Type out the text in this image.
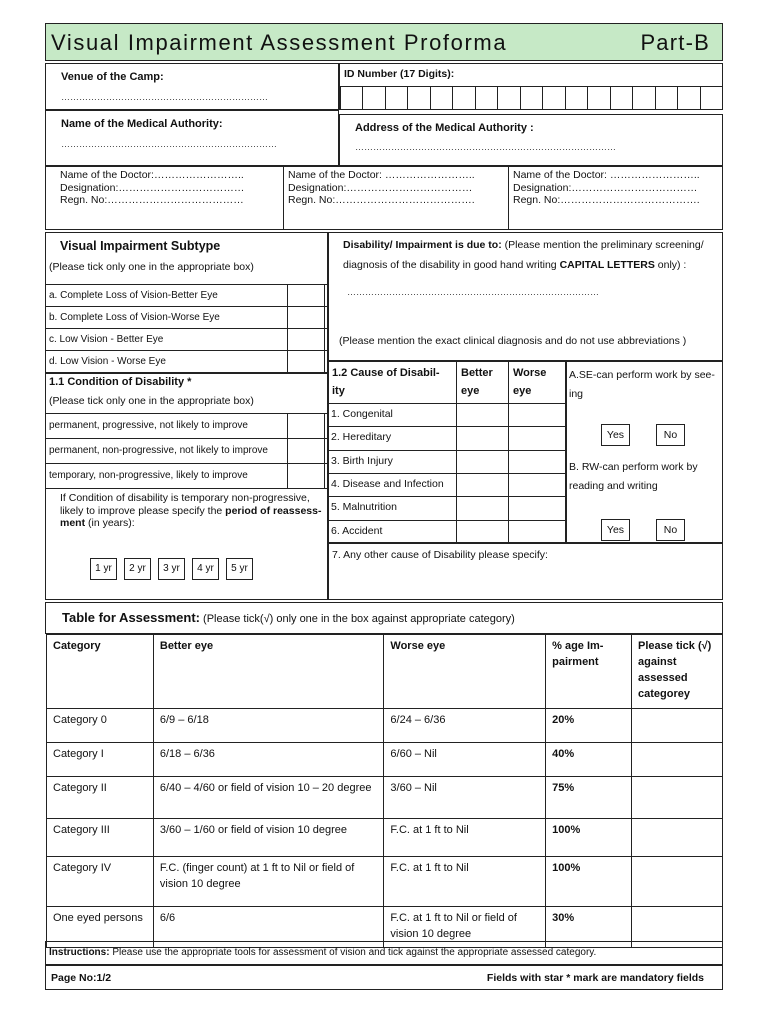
Visual Impairment Assessment Proforma	Part-B
Venue of the Camp:
……………………………………………………………
ID Number (17 Digits):
Name of the Medical Authority:
………………………………………………………………
Address of the Medical Authority :
……………………………………………………………………………
Name of the Doctor:……………………..
Designation:………………………………
Regn. No:…………………………………
Name of the Doctor: ……………………..
Designation:………………………………
Regn. No:………………………………….
Name of the Doctor: ……………………..
Designation:………………………………
Regn. No:………………………………….
Visual Impairment Subtype
(Please tick only one in the appropriate box)
a. Complete Loss of Vision-Better Eye
b. Complete Loss of Vision-Worse Eye
c. Low Vision - Better Eye
d. Low Vision - Worse Eye
Disability/ Impairment is due to: (Please mention the preliminary screening/
diagnosis of the disability in good hand writing CAPITAL LETTERS only) :
…………………………………………………………………………
(Please mention the exact clinical diagnosis and do not use abbreviations )
1.1 Condition of Disability *
(Please tick only one in the appropriate box)
permanent, progressive, not likely to improve
permanent, non-progressive, not likely to improve
temporary, non-progressive, likely to improve
If Condition of disability is temporary non-progressive,
likely to improve please specify the period of reassess-
ment (in years):
1 yr	2 yr	3 yr	4 yr	5 yr
1.2 Cause of Disabil-
ity
Better
eye
Worse
eye
1. Congenital
2. Hereditary
3. Birth Injury
4. Disease and Infection
5. Malnutrition
6. Accident
7. Any other cause of Disability please specify:
A.SE-can perform work by see-
ing
Yes	No
B. RW-can perform work by
reading and writing
Yes	No
Table for Assessment: (Please tick(√) only one in the box against appropriate category)
Category	Better eye	Worse eye	% age Im-pairment	Please tick (√) against assessed categorey
Category 0	6/9 – 6/18	6/24 – 6/36	20%	
Category I	6/18 – 6/36	6/60 – Nil	40%	
Category II	6/40 – 4/60 or field of vision 10 – 20 degree	3/60 – Nil	75%	
Category III	3/60 – 1/60 or field of vision 10 degree	F.C. at 1 ft to Nil	100%	
Category IV	F.C. (finger count) at 1 ft to Nil or field of vision 10 degree	F.C. at 1 ft to Nil	100%	
One eyed persons	6/6	F.C. at 1 ft to Nil or field of vision 10 degree	30%	
Instructions: Please use the appropriate tools for assessment of vision and tick against the appropriate assessed category.
Page No:1/2	Fields with star * mark are mandatory fields
